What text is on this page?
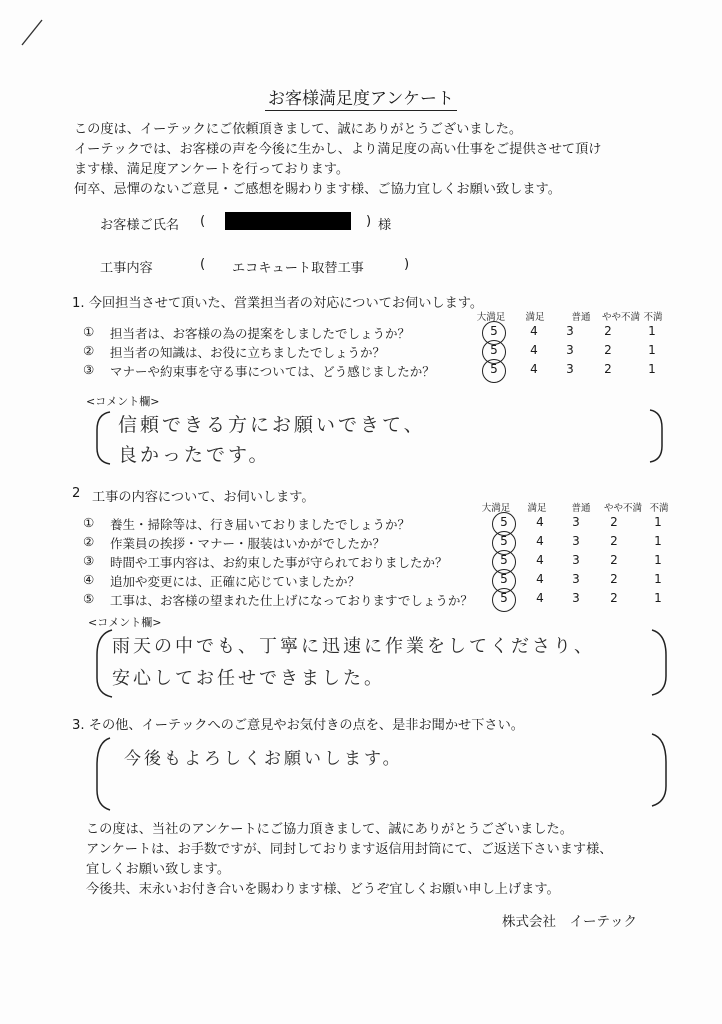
お客様満足度アンケート
この度は、イーテックにご依頼頂きまして、誠にありがとうございました。
イーテックでは、お客様の声を今後に生かし、より満足度の高い仕事をご提供させて頂け
ます様、満足度アンケートを行っております。
何卒、忌憚のないご意見・ご感想を賜わります様、ご協力宜しくお願い致します。
お客様ご氏名 (	) 様
工事内容	( エコキュート取替工事	)
1. 今回担当させて頂いた、営業担当者の対応についてお伺いします。
大満足	満足	普通	やや不満 不満
① 担当者は、お客様の為の提案をしましたでしょうか？	5	4	3	2	1
② 担当者の知識は、お役に立ちましたでしょうか？	5	4	3	2	1
③ マナーや約束事を守る事については、どう感じましたか？	5	4	3	2	1
<コメント欄>
信頼できる方にお願いできて、
良かったです。
2 工事の内容について、お伺いします。
大満足	満足	普通	やや不満 不満
① 養生・掃除等は、行き届いておりましたでしょうか？	5	4	3	2	1
② 作業員の挨拶・マナー・服装はいかがでしたか？	5	4	3	2	1
③ 時間や工事内容は、お約束した事が守られておりましたか？	5	4	3	2	1
④ 追加や変更には、正確に応じていましたか？	5	4	3	2	1
⑤ 工事は、お客様の望まれた仕上げになっておりますでしょうか？	5	4	3	2	1
<コメント欄>
雨天の中でも、丁寧に迅速に作業をしてくださり、
安心してお任せできました。
3. その他、イーテックへのご意見やお気付きの点を、是非お聞かせ下さい。
今後もよろしくお願いします。
この度は、当社のアンケートにご協力頂きまして、誠にありがとうございました。
アンケートは、お手数ですが、同封しております返信用封筒にて、ご返送下さいます様、
宜しくお願い致します。
今後共、末永いお付き合いを賜わります様、どうぞ宜しくお願い申し上げます。
株式会社　イーテック
